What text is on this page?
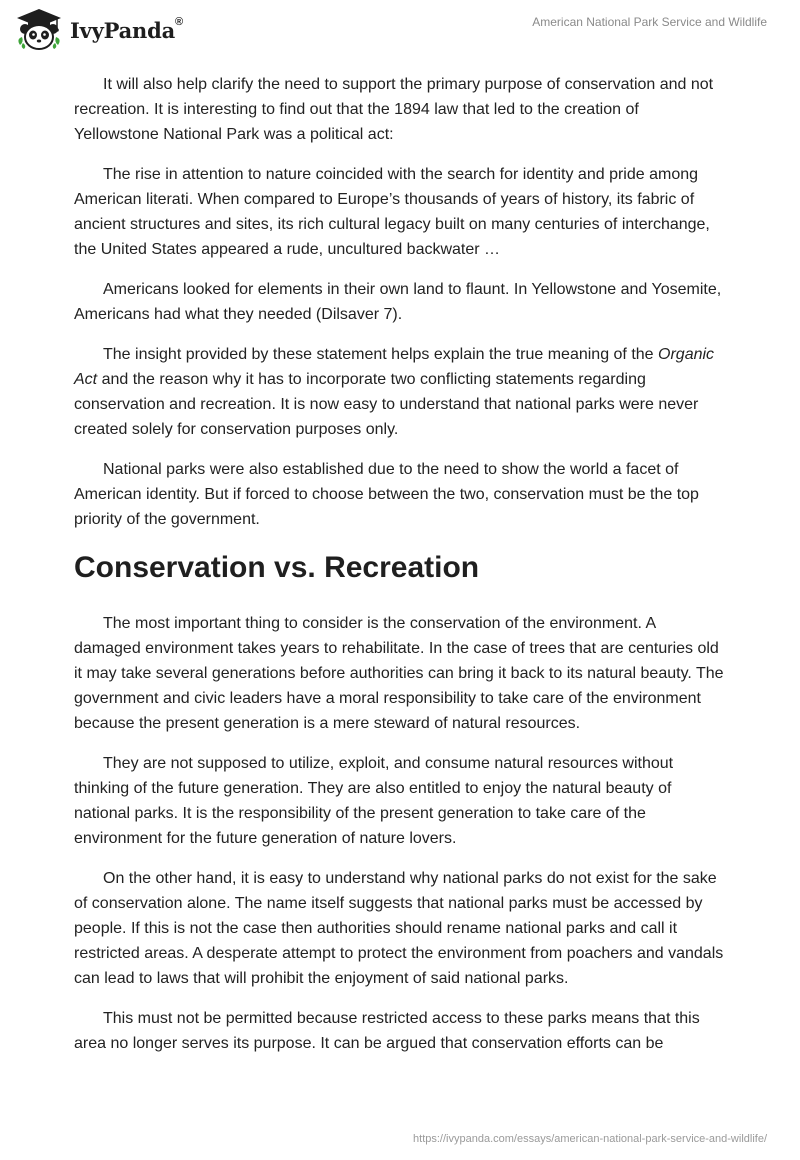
IvyPanda®	American National Park Service and Wildlife

It will also help clarify the need to support the primary purpose of conservation and not recreation. It is interesting to find out that the 1894 law that led to the creation of Yellowstone National Park was a political act:

The rise in attention to nature coincided with the search for identity and pride among American literati. When compared to Europe’s thousands of years of history, its fabric of ancient structures and sites, its rich cultural legacy built on many centuries of interchange, the United States appeared a rude, uncultured backwater …

Americans looked for elements in their own land to flaunt. In Yellowstone and Yosemite, Americans had what they needed (Dilsaver 7).

The insight provided by these statement helps explain the true meaning of the Organic Act and the reason why it has to incorporate two conflicting statements regarding conservation and recreation. It is now easy to understand that national parks were never created solely for conservation purposes only.

National parks were also established due to the need to show the world a facet of American identity. But if forced to choose between the two, conservation must be the top priority of the government.

Conservation vs. Recreation

The most important thing to consider is the conservation of the environment. A damaged environment takes years to rehabilitate. In the case of trees that are centuries old it may take several generations before authorities can bring it back to its natural beauty. The government and civic leaders have a moral responsibility to take care of the environment because the present generation is a mere steward of natural resources.

They are not supposed to utilize, exploit, and consume natural resources without thinking of the future generation. They are also entitled to enjoy the natural beauty of national parks. It is the responsibility of the present generation to take care of the environment for the future generation of nature lovers.

On the other hand, it is easy to understand why national parks do not exist for the sake of conservation alone. The name itself suggests that national parks must be accessed by people. If this is not the case then authorities should rename national parks and call it restricted areas. A desperate attempt to protect the environment from poachers and vandals can lead to laws that will prohibit the enjoyment of said national parks.

This must not be permitted because restricted access to these parks means that this area no longer serves its purpose. It can be argued that conservation efforts can be

https://ivypanda.com/essays/american-national-park-service-and-wildlife/
